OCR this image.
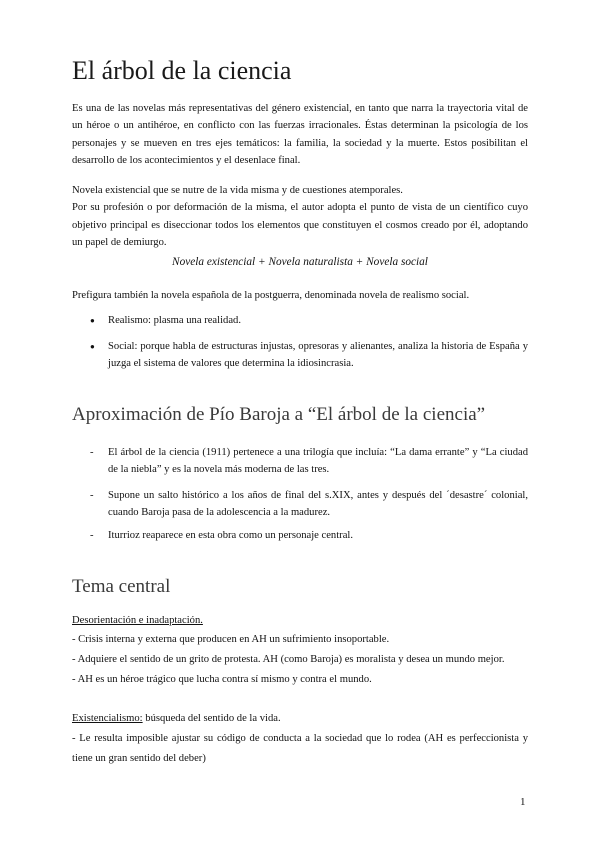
El árbol de la ciencia

Es una de las novelas más representativas del género existencial, en tanto que narra la trayectoria vital de un héroe o un antihéroe, en conflicto con las fuerzas irracionales. Éstas determinan la psicología de los personajes y se mueven en tres ejes temáticos: la familia, la sociedad y la muerte. Estos posibilitan el desarrollo de los acontecimientos y el desenlace final.

Novela existencial que se nutre de la vida misma y de cuestiones atemporales.
Por su profesión o por deformación de la misma, el autor adopta el punto de vista de un científico cuyo objetivo principal es diseccionar todos los elementos que constituyen el cosmos creado por él, adoptando un papel de demiurgo.

Novela existencial + Novela naturalista + Novela social

Prefigura también la novela española de la postguerra, denominada novela de realismo social.

● Realismo: plasma una realidad.

● Social: porque habla de estructuras injustas, opresoras y alienantes, analiza la historia de España y juzga el sistema de valores que determina la idiosincrasia.

Aproximación de Pío Baroja a “El árbol de la ciencia”
- El árbol de la ciencia (1911) pertenece a una trilogía que incluía: “La dama errante” y “La ciudad de la niebla” y es la novela más moderna de las tres.

- Supone un salto histórico a los años de final del s.XIX, antes y después del ´desastre´ colonial, cuando Baroja pasa de la adolescencia a la madurez.

- Iturrioz reaparece en esta obra como un personaje central.

Tema central

Desorientación e inadaptación.

- Crisis interna y externa que producen en AH un sufrimiento insoportable.

- Adquiere el sentido de un grito de protesta. AH (como Baroja) es moralista y desea un mundo mejor.

- AH es un héroe trágico que lucha contra sí mismo y contra el mundo.

Existencialismo: búsqueda del sentido de la vida.

- Le resulta imposible ajustar su código de conducta a la sociedad que lo rodea (AH es perfeccionista y tiene un gran sentido del deber)

1
